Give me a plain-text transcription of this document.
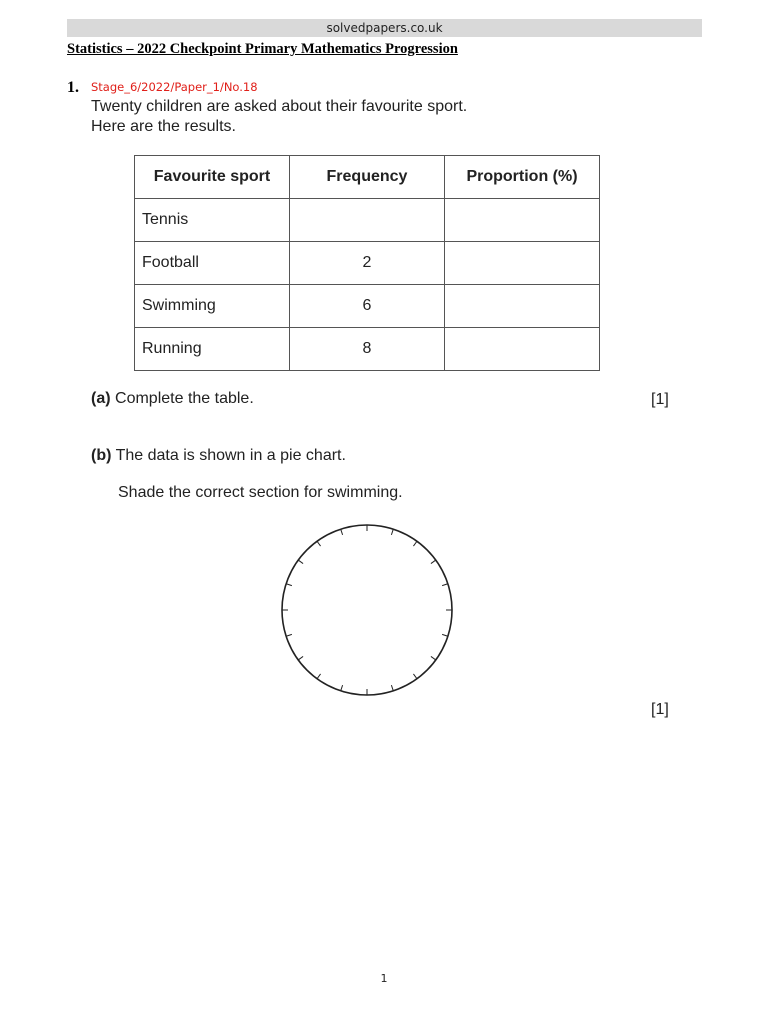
solvedpapers.co.uk
Statistics – 2022 Checkpoint Primary Mathematics Progression
1. Stage_6/2022/Paper_1/No.18
Twenty children are asked about their favourite sport.
Here are the results.
Favourite sport	Frequency	Proportion (%)
Tennis		
Football	2	
Swimming	6	
Running	8	
(a) Complete the table.	[1]
(b) The data is shown in a pie chart.
Shade the correct section for swimming.
[1]
1
